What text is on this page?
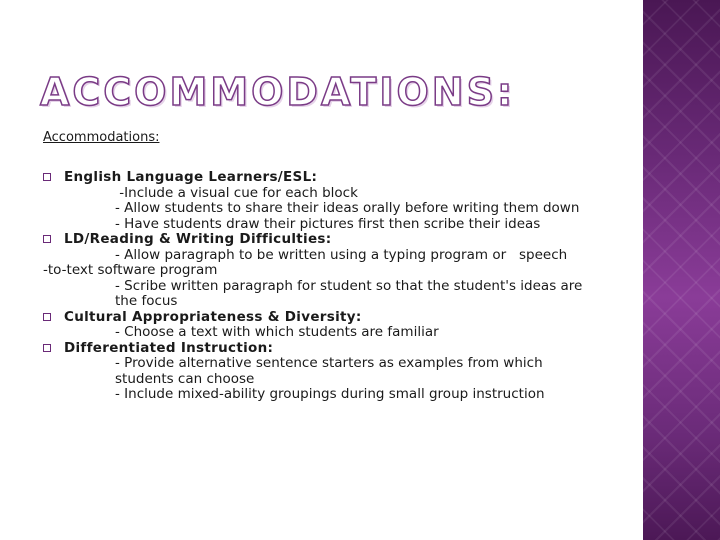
ACCOMMODATIONS:
Accommodations:
English Language Learners/ESL:
-Include a visual cue for each block
- Allow students to share their ideas orally before writing them down
- Have students draw their pictures first then scribe their ideas
LD/Reading & Writing Difficulties:
- Allow paragraph to be written using a typing program or   speech
-to-text software program
- Scribe written paragraph for student so that the student's ideas are the focus
Cultural Appropriateness & Diversity:
- Choose a text with which students are familiar
Differentiated Instruction:
- Provide alternative sentence starters as examples from which students can choose
- Include mixed-ability groupings during small group instruction
